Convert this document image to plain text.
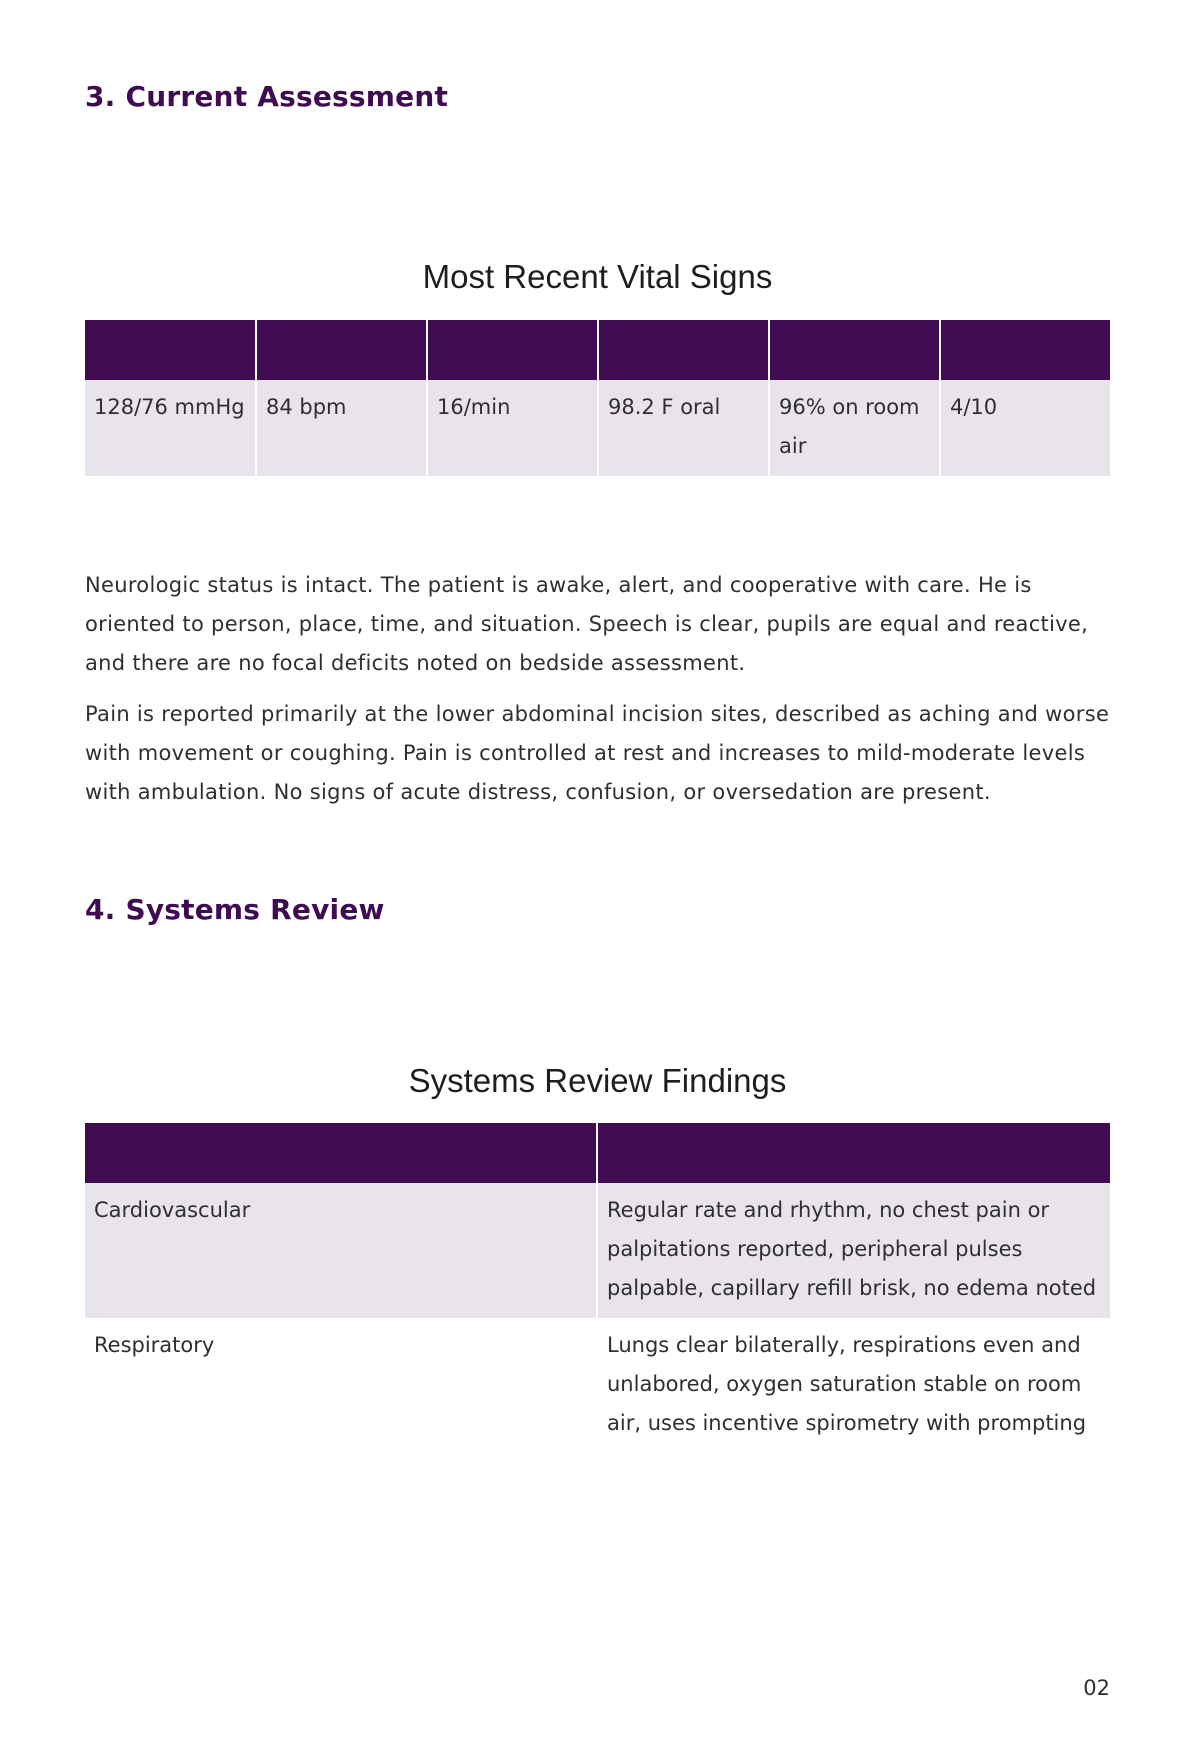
3. Current Assessment
Most Recent Vital Signs

128/76 mmHg	84 bpm	16/min	98.2 F oral	96% on room air	4/10

Neurologic status is intact. The patient is awake, alert, and cooperative with care. He is oriented to person, place, time, and situation. Speech is clear, pupils are equal and reactive, and there are no focal deficits noted on bedside assessment.

Pain is reported primarily at the lower abdominal incision sites, described as aching and worse with movement or coughing. Pain is controlled at rest and increases to mild-moderate levels with ambulation. No signs of acute distress, confusion, or oversedation are present.

4. Systems Review
Systems Review Findings

Cardiovascular	Regular rate and rhythm, no chest pain or palpitations reported, peripheral pulses palpable, capillary refill brisk, no edema noted
Respiratory	Lungs clear bilaterally, respirations even and unlabored, oxygen saturation stable on room air, uses incentive spirometry with prompting
02
